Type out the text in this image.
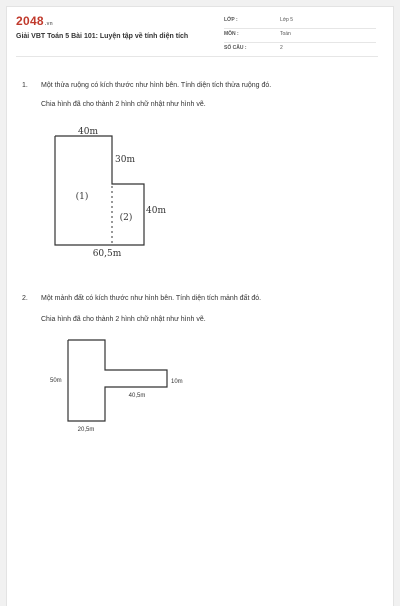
2048.vn
Giải VBT Toán 5 Bài 101: Luyện tập về tính diện tích
LỚP :	Lớp 5
MÔN :	Toán
SỐ CÂU :	2
1. Một thửa ruộng có kích thước như hình bên. Tính diện tích thửa ruộng đó.
Chia hình đã cho thành 2 hình chữ nhật như hình vẽ.
40m
30m
40m
60,5m
(1)
(2)
50m	10m
40,5m
20,5m
2. Một mảnh đất có kích thước như hình bên. Tính diện tích mảnh đất đó.
Chia hình đã cho thành 2 hình chữ nhật như hình vẽ.
